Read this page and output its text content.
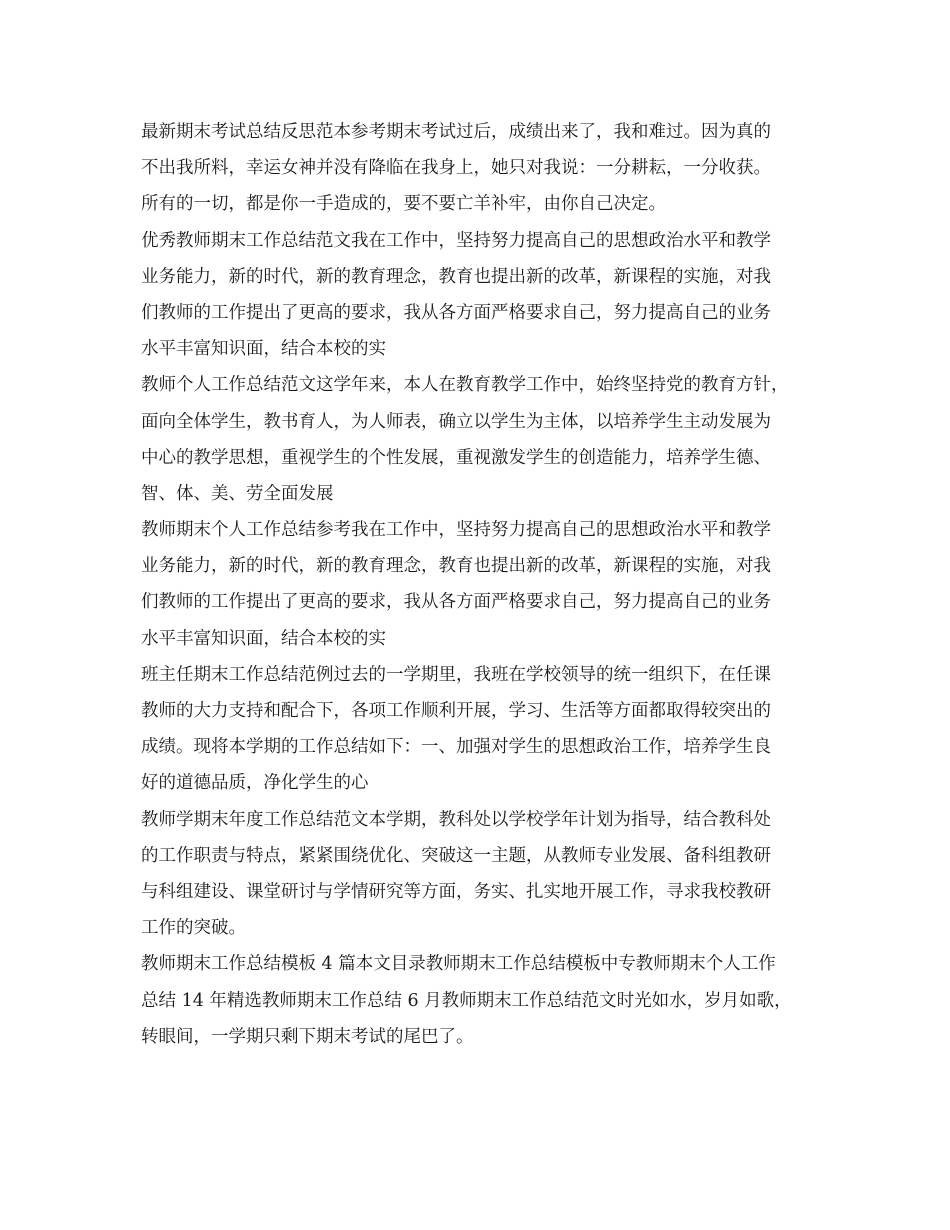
最新期末考试总结反思范本参考期末考试过后，成绩出来了，我和难过。因为真的
不出我所料，幸运女神并没有降临在我身上，她只对我说：一分耕耘，一分收获。
所有的一切，都是你一手造成的，要不要亡羊补牢，由你自己决定。
优秀教师期末工作总结范文我在工作中，坚持努力提高自己的思想政治水平和教学
业务能力，新的时代，新的教育理念，教育也提出新的改革，新课程的实施，对我
们教师的工作提出了更高的要求，我从各方面严格要求自己，努力提高自己的业务
水平丰富知识面，结合本校的实
教师个人工作总结范文这学年来，本人在教育教学工作中，始终坚持党的教育方针，
面向全体学生，教书育人，为人师表，确立以学生为主体，以培养学生主动发展为
中心的教学思想，重视学生的个性发展，重视激发学生的创造能力，培养学生德、
智、体、美、劳全面发展
教师期末个人工作总结参考我在工作中，坚持努力提高自己的思想政治水平和教学
业务能力，新的时代，新的教育理念，教育也提出新的改革，新课程的实施，对我
们教师的工作提出了更高的要求，我从各方面严格要求自己，努力提高自己的业务
水平丰富知识面，结合本校的实
班主任期末工作总结范例过去的一学期里，我班在学校领导的统一组织下，在任课
教师的大力支持和配合下，各项工作顺利开展，学习、生活等方面都取得较突出的
成绩。现将本学期的工作总结如下：一、加强对学生的思想政治工作，培养学生良
好的道德品质，净化学生的心
教师学期末年度工作总结范文本学期，教科处以学校学年计划为指导，结合教科处
的工作职责与特点，紧紧围绕优化、突破这一主题，从教师专业发展、备科组教研
与科组建设、课堂研讨与学情研究等方面，务实、扎实地开展工作，寻求我校教研
工作的突破。
教师期末工作总结模板 4 篇本文目录教师期末工作总结模板中专教师期末个人工作
总结 14 年精选教师期末工作总结 6 月教师期末工作总结范文时光如水，岁月如歌，
转眼间，一学期只剩下期末考试的尾巴了。
